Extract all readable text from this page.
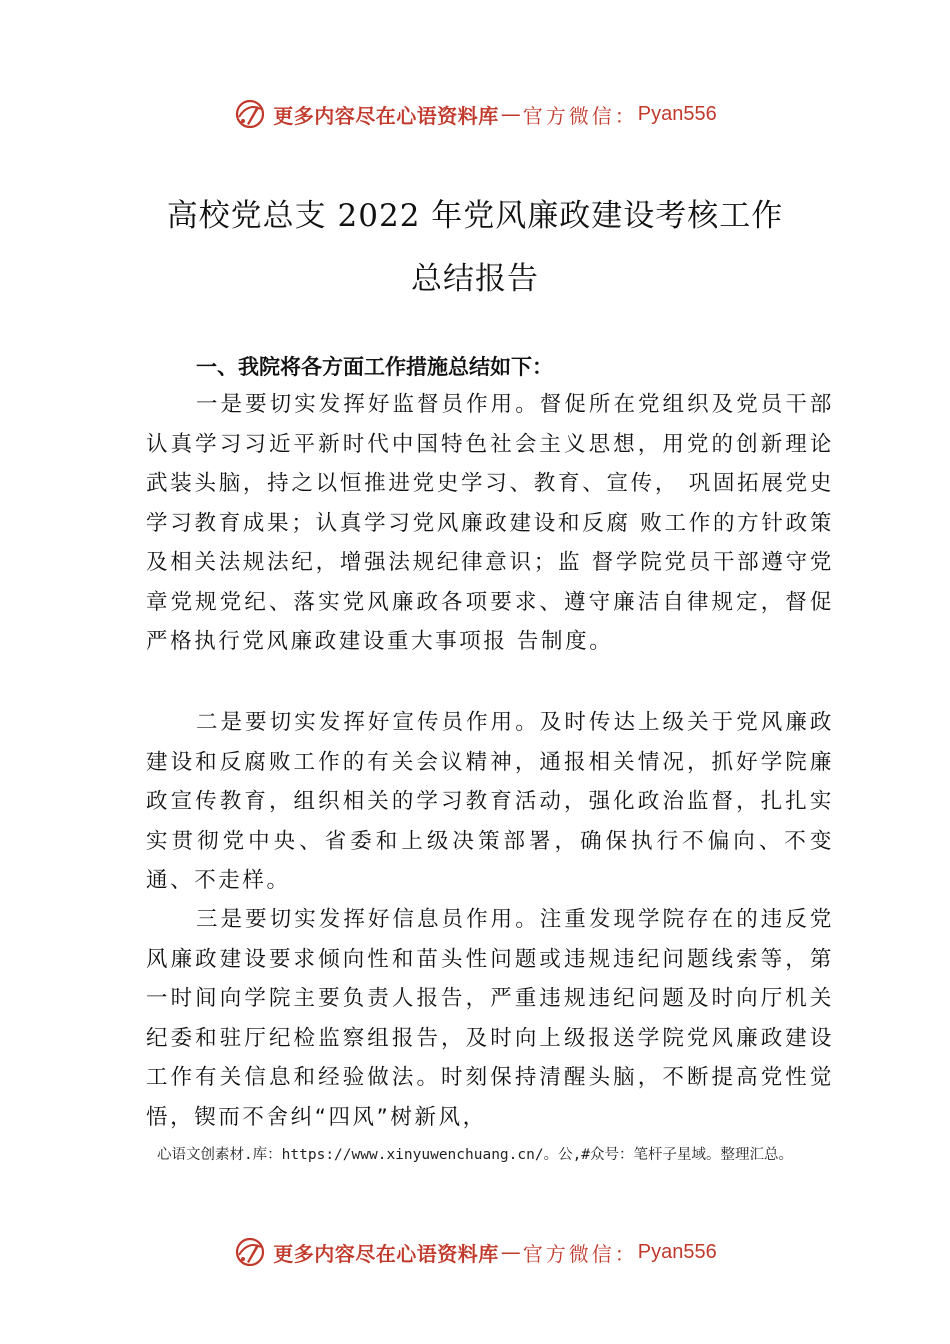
更多内容尽在心语资料库 — 官方微信： Pyan556
高校党总支 2022 年党风廉政建设考核工作
总结报告
一、我院将各方面工作措施总结如下：

一是要切实发挥好监督员作用。督促所在党组织及党员干部认真学习习近平新时代中国特色社会主义思想，用党的创新理论武装头脑，持之以恒推进党史学习、教育、宣传， 巩固拓展党史学习教育成果；认真学习党风廉政建设和反腐 败工作的方针政策及相关法规法纪，增强法规纪律意识；监 督学院党员干部遵守党章党规党纪、落实党风廉政各项要求、遵守廉洁自律规定，督促严格执行党风廉政建设重大事项报 告制度。

二是要切实发挥好宣传员作用。及时传达上级关于党风廉政建设和反腐败工作的有关会议精神，通报相关情况，抓好学院廉政宣传教育，组织相关的学习教育活动，强化政治监督，扎扎实实贯彻党中央、省委和上级决策部署，确保执行不偏向、不变通、不走样。

三是要切实发挥好信息员作用。注重发现学院存在的违反党风廉政建设要求倾向性和苗头性问题或违规违纪问题线索等，第一时间向学院主要负责人报告，严重违规违纪问题及时向厅机关纪委和驻厅纪检监察组报告，及时向上级报送学院党风廉政建设工作有关信息和经验做法。时刻保持清醒头脑，不断提高党性觉悟，锲而不舍纠“四风”树新风，

心语文创素材.库：https://www.xinyuwenchuang.cn/。公,#众号：笔杆子星域。整理汇总。

更多内容尽在心语资料库 — 官方微信： Pyan556
